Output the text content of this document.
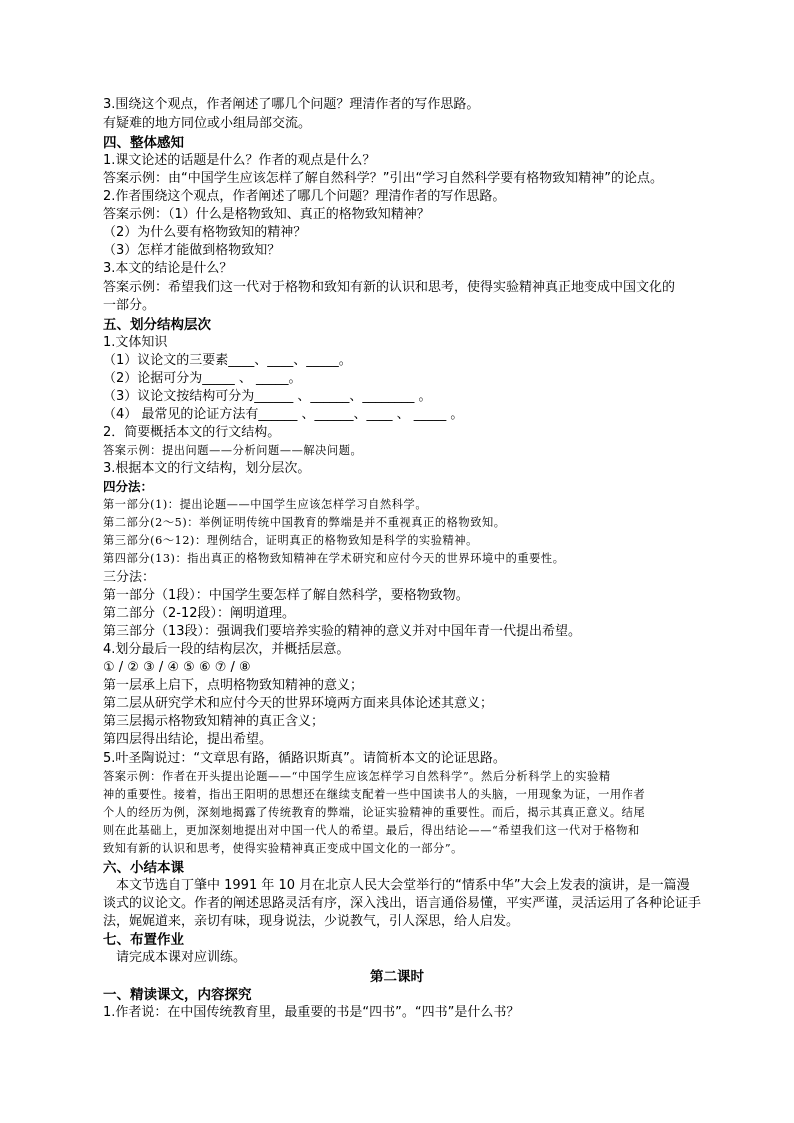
3.围绕这个观点，作者阐述了哪几个问题？理清作者的写作思路。
有疑难的地方同位或小组局部交流。
四、整体感知
1.课文论述的话题是什么？作者的观点是什么？
答案示例：由“中国学生应该怎样了解自然科学？”引出“学习自然科学要有格物致知精神”的论点。
2.作者围绕这个观点，作者阐述了哪几个问题？理清作者的写作思路。
答案示例：（1）什么是格物致知、真正的格物致知精神？
（2）为什么要有格物致知的精神？
（3）怎样才能做到格物致知？
3.本文的结论是什么？
答案示例：希望我们这一代对于格物和致知有新的认识和思考，使得实验精神真正地变成中国文化的
一部分。
五、划分结构层次
1.文体知识
（1）议论文的三要素____、____、_____。
（2）论据可分为_____ 、 _____。
（3）议论文按结构可分为______ 、______、________ 。
（4） 最常见的论证方法有______ 、______、____ 、 _____ 。
2．简要概括本文的行文结构。
答案示例：提出问题——分析问题——解决问题。
3.根据本文的行文结构，划分层次。
四分法：
第一部分(1)：提出论题——中国学生应该怎样学习自然科学。
第二部分(2～5)：举例证明传统中国教育的弊端是并不重视真正的格物致知。
第三部分(6～12)：理例结合，证明真正的格物致知是科学的实验精神。
第四部分(13)：指出真正的格物致知精神在学术研究和应付今天的世界环境中的重要性。
三分法：
第一部分（1段）：中国学生要怎样了解自然科学，要格物致物。
第二部分（2-12段）：阐明道理。
第三部分（13段）：强调我们要培养实验的精神的意义并对中国年青一代提出希望。
4.划分最后一段的结构层次，并概括层意。
① / ② ③ / ④ ⑤ ⑥ ⑦ / ⑧
第一层承上启下，点明格物致知精神的意义；
第二层从研究学术和应付今天的世界环境两方面来具体论述其意义；
第三层揭示格物致知精神的真正含义；
第四层得出结论，提出希望。
5.叶圣陶说过：“文章思有路，循路识斯真”。请简析本文的论证思路。
答案示例：作者在开头提出论题——“中国学生应该怎样学习自然科学”。然后分析科学上的实验精
神的重要性。接着，指出王阳明的思想还在继续支配着一些中国读书人的头脑，一用现象为证，一用作者
个人的经历为例，深刻地揭露了传统教育的弊端，论证实验精神的重要性。而后，揭示其真正意义。结尾
则在此基础上，更加深刻地提出对中国一代人的希望。最后，得出结论——“希望我们这一代对于格物和
致知有新的认识和思考，使得实验精神真正变成中国文化的一部分”。
六、小结本课
本文节选自丁肇中 1991 年 10 月在北京人民大会堂举行的“情系中华”大会上发表的演讲，是一篇漫
谈式的议论文。作者的阐述思路灵活有序，深入浅出，语言通俗易懂，平实严谨，灵活运用了各种论证手
法，娓娓道来，亲切有味，现身说法，少说教气，引人深思，给人启发。
七、布置作业
请完成本课对应训练。
第二课时
一、精读课文，内容探究
1.作者说：在中国传统教育里，最重要的书是“四书”。“四书”是什么书？
